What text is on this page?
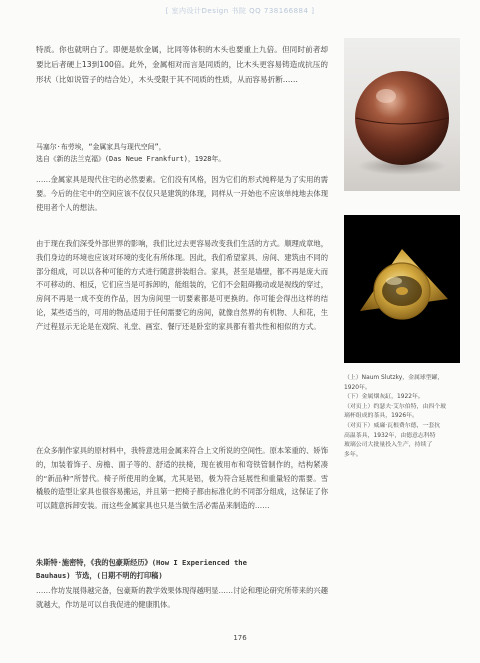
[ 室内设计Design 书院 QQ 738166884 ]

特质。你也就明白了。即便是软金属，比同等体积的木头也要重上九倍。但同时前者却要比后者硬上13到100倍。此外，金属相对而言是同质的，比木头更容易铸造成抗压的形状（比如说管子的结合处），木头受限于其不同质的性质，从而容易折断……

马塞尔·布劳埃，“金属家具与现代空间”，

选自《新的法兰克福》(Das Neue Frankfurt)，1928年。

……金属家具是现代住宅的必然要素。它们没有风格，因为它们的形式纯粹是为了实用的需要。今后的住宅中的空间应该不仅仅只是建筑的体现，同样从一开始也不应该单纯地去体现使用者个人的想法。

由于现在我们深受外部世界的影响，我们比过去更容易改变我们生活的方式。顺理成章地，我们身边的环境也应该对环境的变化有所体现。因此，我们希望家具、房间、建筑由不同的部分组成，可以以各种可能的方式进行随意拼装组合。家具，甚至是墙壁，都不再是庞大而不可移动的、相反，它们应当是可拆卸的，能组装的，它们不会阻碍搬动或是视线的穿过，房间不再是一成不变的作品，因为房间里一切要素都是可更换的。你可能会得出这样的结论，某些适当的，可用的物品适用于任何需要它的房间，就像自然界的有机物、人和花，生产过程显示无论是在戏院、礼堂、画室、餐厅还是卧室的家具都有着共性和相似的方式。

在众多制作家具的原材料中，我特意选用金属来符合上文所说的空间性。原本笨重的、矫饰的，加装着饰子、房檐、面子等的、舒适的扶椅，现在被用布和弯铁管制作的，结构紧凑的“新品种”所替代。椅子所使用的金属，尤其是铝，极为符合延展性和重量轻的需要。雪橇般的造型让家具也很容易搬运，并且第一把椅子都由标准化的不同部分组成，这保证了你可以随意拆卸安装。而这些金属家具也只是当做生活必需品来制造的……

朱斯特·施密特，《我的包豪斯经历》(How I Experienced the

Bauhaus) 节选，(日期不明的打印稿)

……作坊发展得越完备，包豪斯的教学效果体现得越明显……讨论和理论研究所带来的兴趣就越大，作坊是可以自我促进的健康肌体。

（上）Naum Slutzky，金属球型罐，
1920年。
（下）金属烟灰缸，1922年。
（对页上）约瑟夫·艾尔伯特，由四个玻
璃杯组成的茶具，1926年。
（对页下）威廉·瓦根费尔德，一套抗
高温茶具，1932年，由德意志科特
玻璃公司大批量投入生产，持续了
多年。
176
